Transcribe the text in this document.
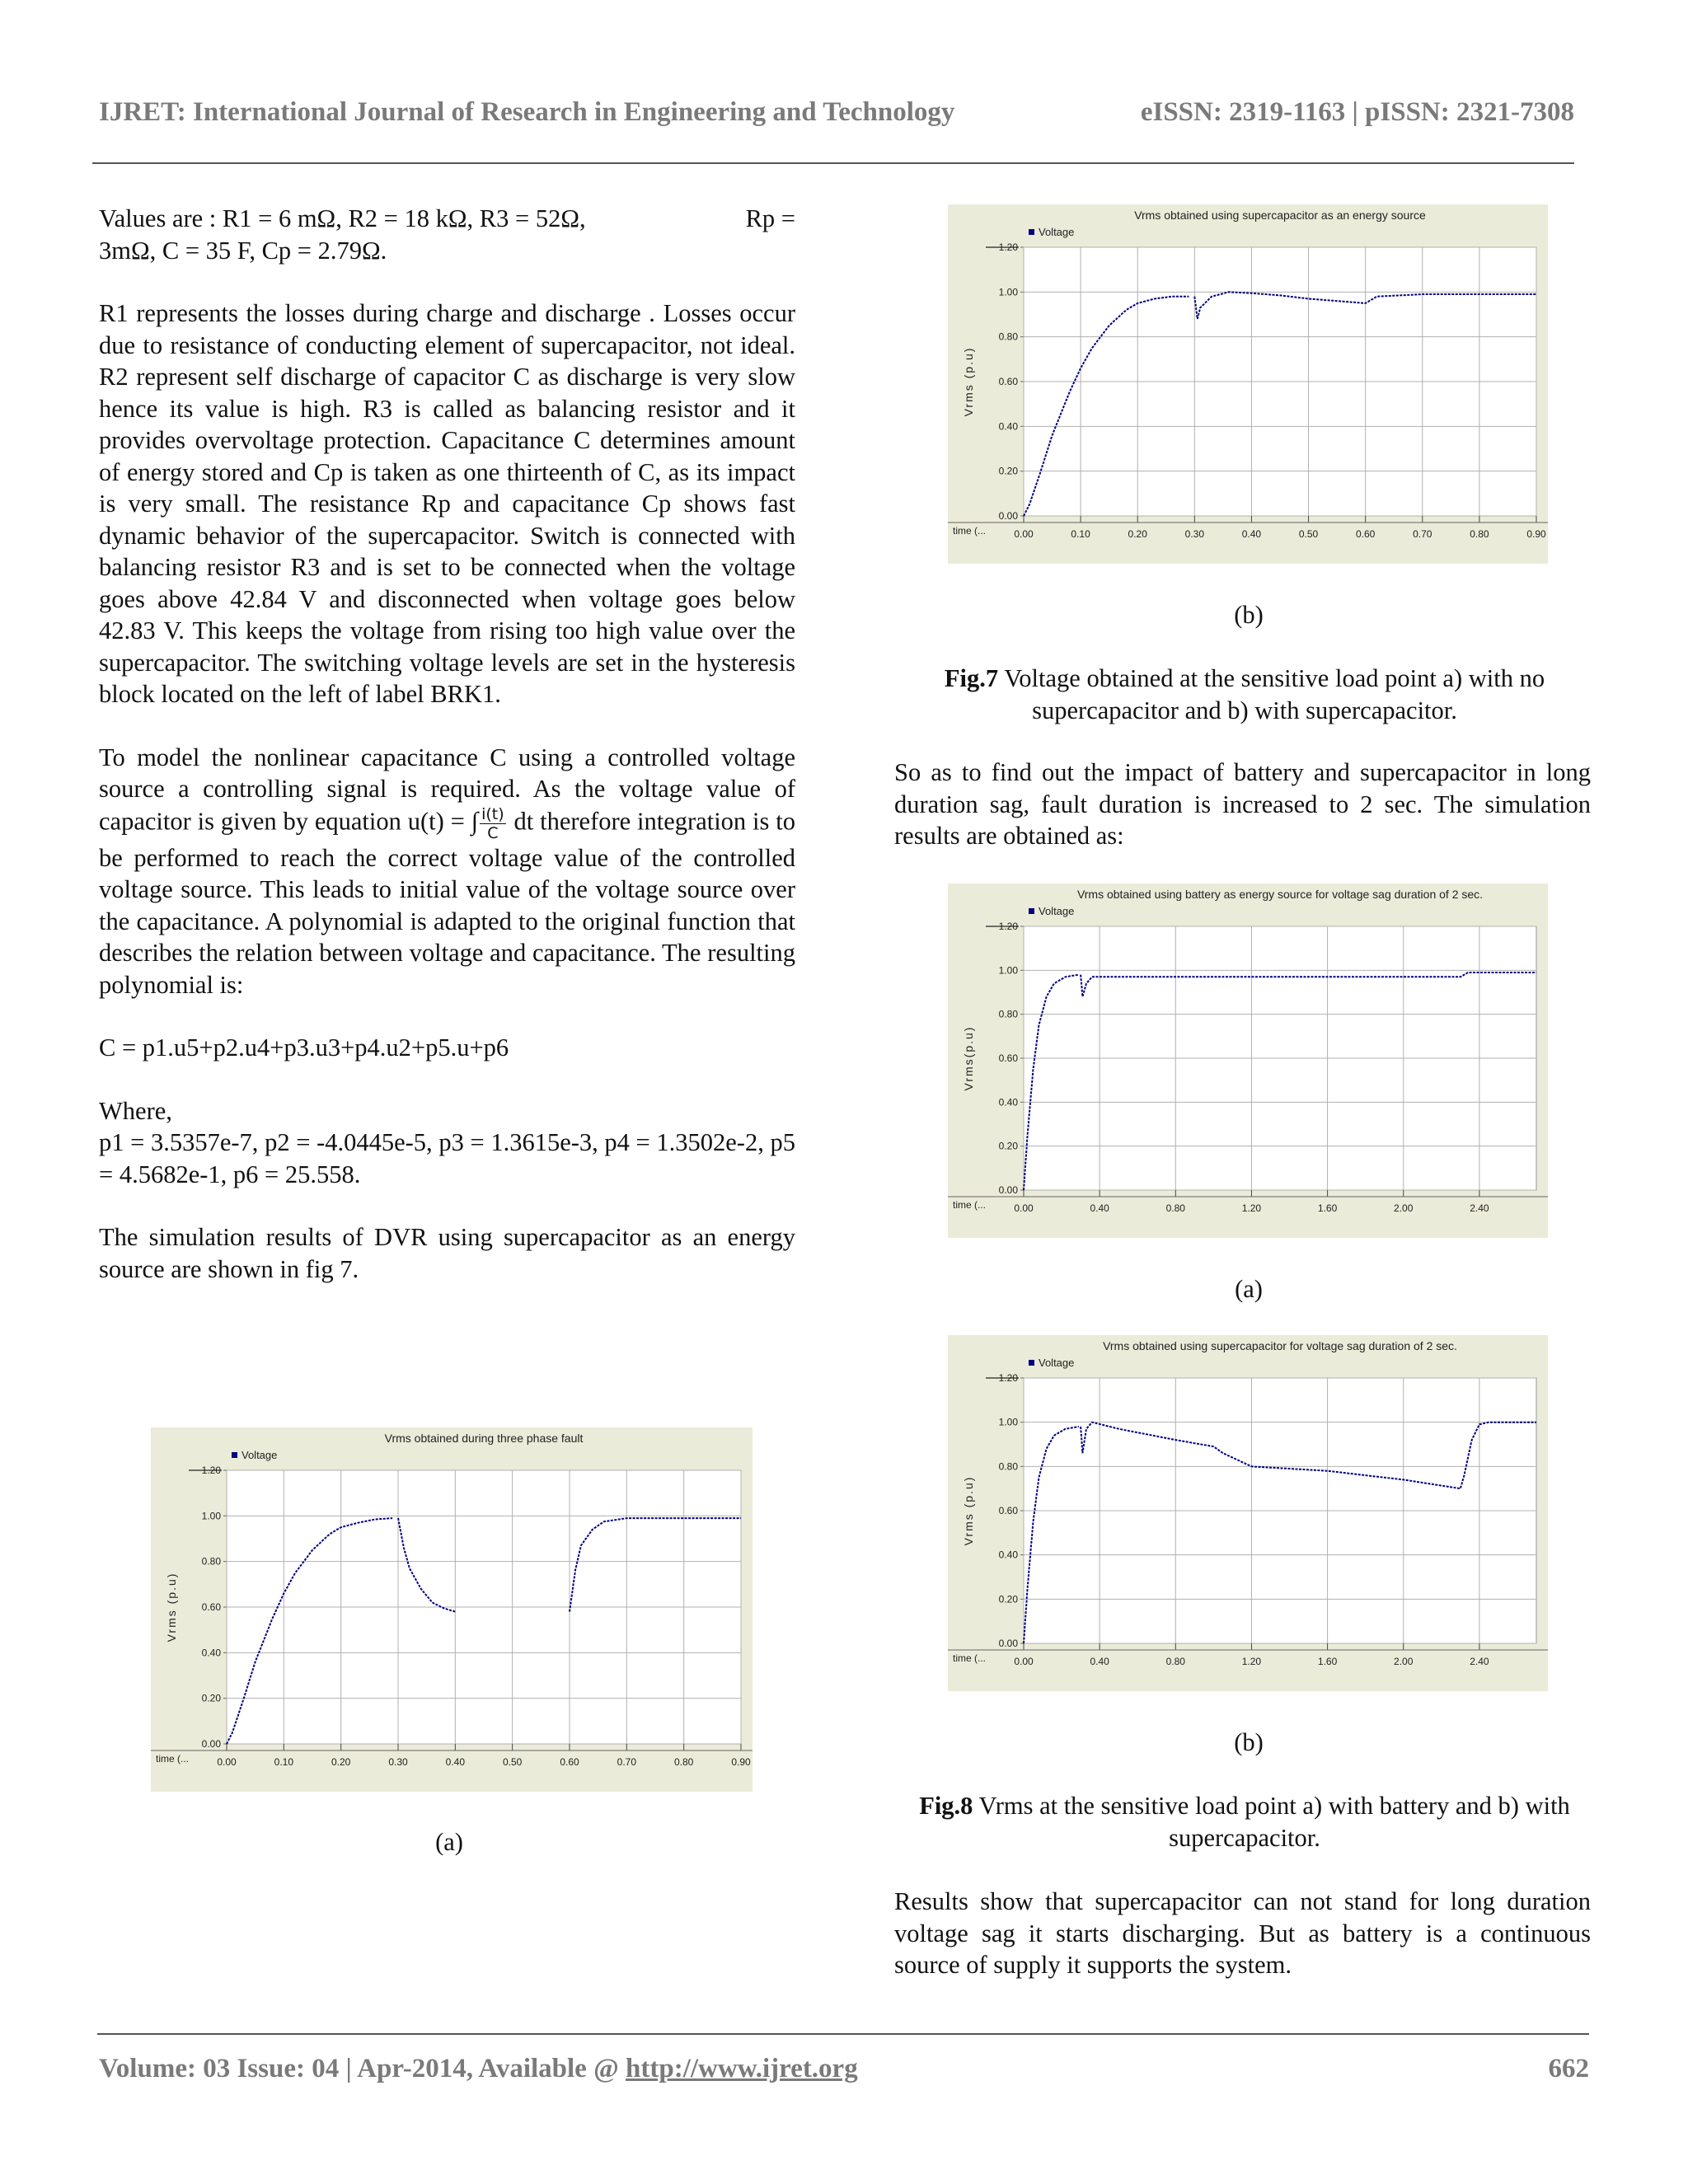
IJRET: International Journal of Research in Engineering and Technology	eISSN: 2319-1163 | pISSN: 2321-7308
Values are : R1 = 6 mΩ, R2 = 18 kΩ, R3 = 52Ω,	Rp =
3mΩ, C = 35 F, Cp = 2.79Ω.

R1 represents the losses during charge and discharge . Losses occur due to resistance of conducting element of supercapacitor, not ideal. R2 represent self discharge of capacitor C as discharge is very slow hence its value is high. R3 is called as balancing resistor and it provides overvoltage protection. Capacitance C determines amount of energy stored and Cp is taken as one thirteenth of C, as its impact is very small. The resistance Rp and capacitance Cp shows fast dynamic behavior of the supercapacitor. Switch is connected with balancing resistor R3 and is set to be connected when the voltage goes above 42.84 V and disconnected when voltage goes below 42.83 V. This keeps the voltage from rising too high value over the supercapacitor. The switching voltage levels are set in the hysteresis block located on the left of label BRK1.

To model the nonlinear capacitance C using a controlled voltage source a controlling signal is required. As the voltage value of capacitor is given by equation u(t) = ∫ $\frac{i(t)}{C}$ dt therefore integration is to be performed to reach the correct voltage value of the controlled voltage source. This leads to initial value of the voltage source over the capacitance. A polynomial is adapted to the original function that describes the relation between voltage and capacitance. The resulting polynomial is:

C = p1.u5+p2.u4+p3.u3+p4.u2+p5.u+p6

Where,

p1 = 3.5357e-7, p2 = -4.0445e-5, p3 = 1.3615e-3, p4 = 1.3502e-2, p5 = 4.5682e-1, p6 = 25.558.

The simulation results of DVR using supercapacitor as an energy source are shown in fig 7.

Vrms obtained during three phase fault
Voltage
0.00
0.20
0.40
0.60
0.80
1.00
1.20
0.00	0.10	0.20	0.30	0.40	0.50	0.60	0.70	0.80	0.90
time (...
Vrms (p.u)
(a)
Vrms obtained using supercapacitor as an energy source
Voltage
0.00
0.20
0.40
0.60
0.80
1.00
1.20
0.00	0.10	0.20	0.30	0.40	0.50	0.60	0.70	0.80	0.90
time (...
Vrms (p.u)
(b)
Fig.7 Voltage obtained at the sensitive load point a) with no supercapacitor and b) with supercapacitor.

So as to find out the impact of battery and supercapacitor in long duration sag, fault duration is increased to 2 sec. The simulation results are obtained as:

Vrms obtained using battery as energy source for voltage sag duration of 2 sec.
Voltage
0.00
0.20
0.40
0.60
0.80
1.00
1.20
0.00	0.40	0.80	1.20	1.60	2.00	2.40
time (...
Vrms(p.u)
(a)
Vrms obtained using supercapacitor for voltage sag duration of 2 sec.
Voltage
0.00
0.20
0.40
0.60
0.80
1.00
1.20
0.00	0.40	0.80	1.20	1.60	2.00	2.40
time (...
Vrms (p.u)
(b)
Fig.8 Vrms at the sensitive load point a) with battery and b) with supercapacitor.

Results show that supercapacitor can not stand for long duration voltage sag it starts discharging. But as battery is a continuous source of supply it supports the system.

Volume: 03 Issue: 04 | Apr-2014, Available @ http://www.ijret.org	662
